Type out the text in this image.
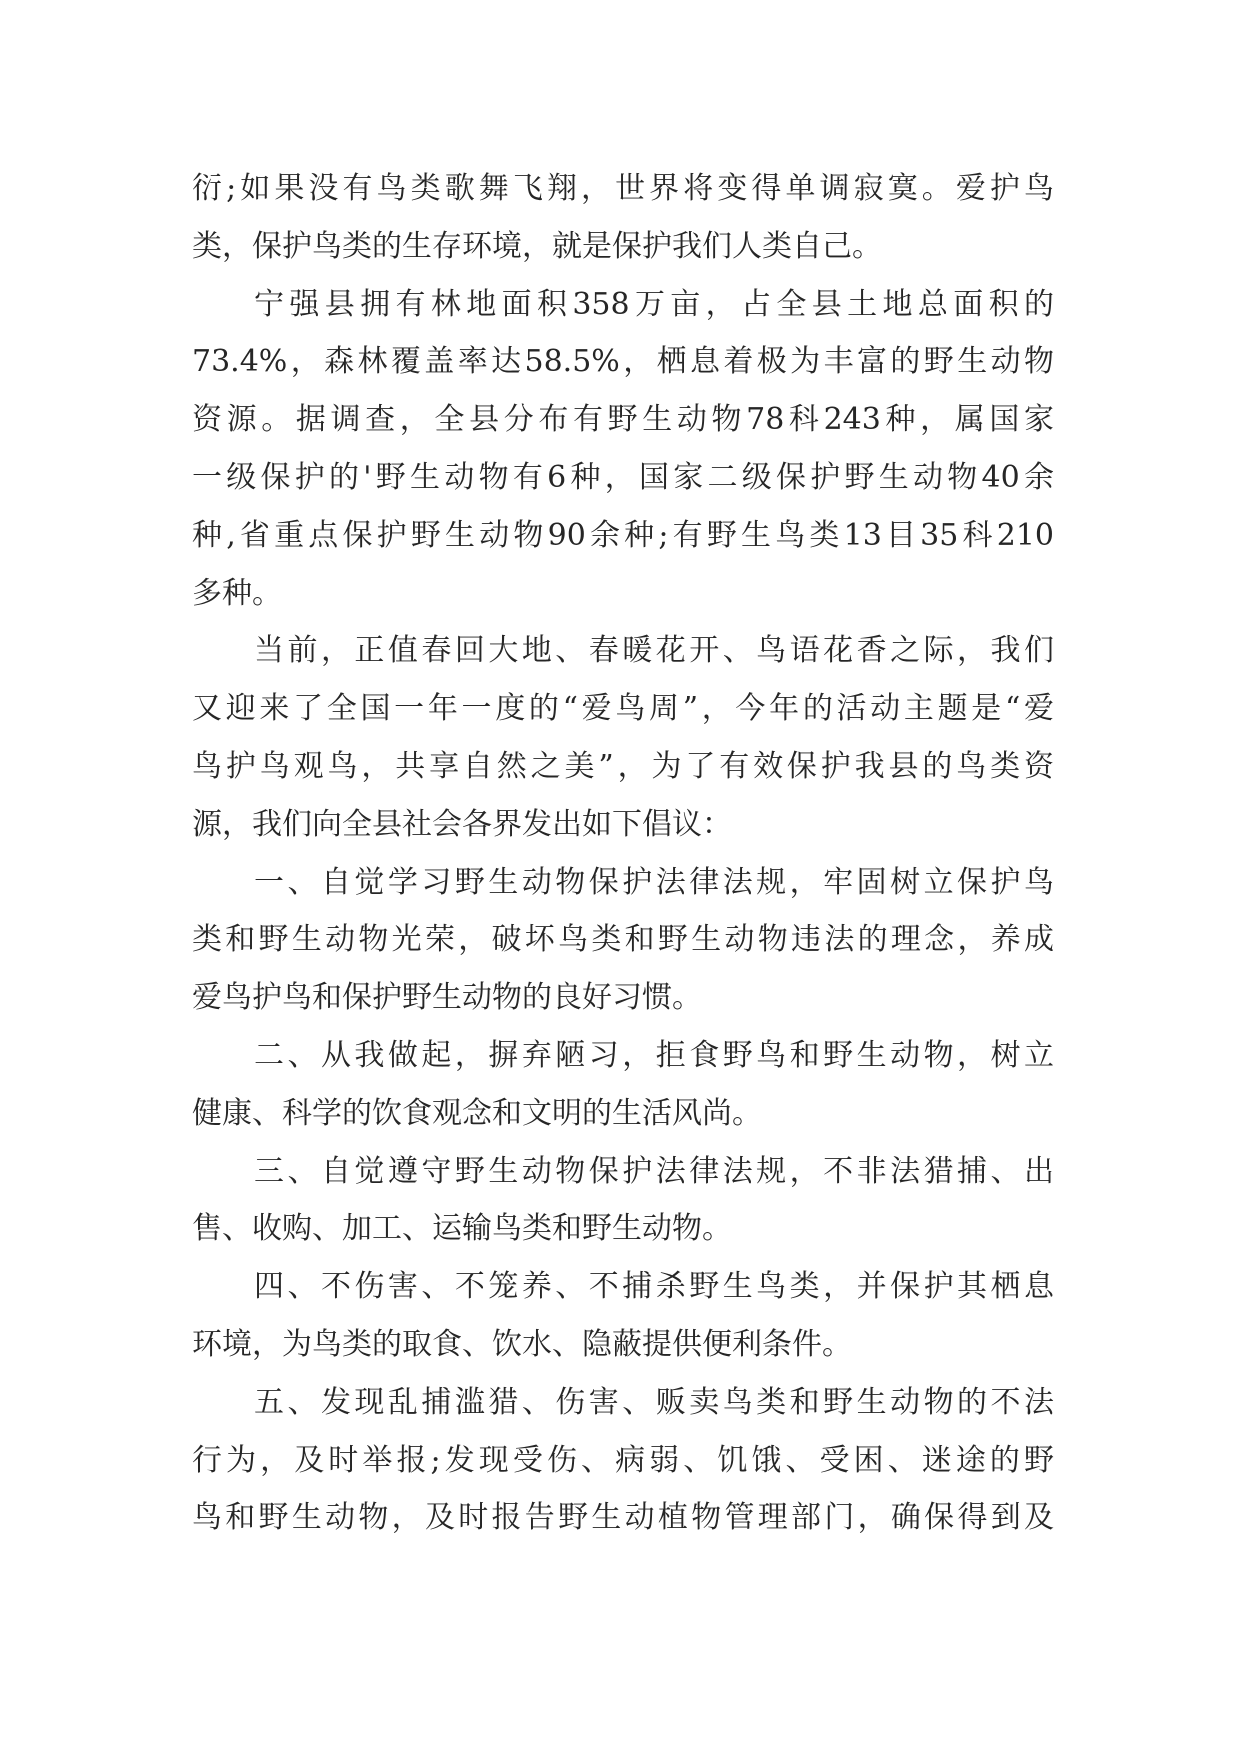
衍;如果没有鸟类歌舞飞翔，世界将变得单调寂寞。爱护鸟
类，保护鸟类的生存环境，就是保护我们人类自己。
宁强县拥有林地面积358万亩，占全县土地总面积的
73.4%，森林覆盖率达58.5%，栖息着极为丰富的野生动物
资源。据调查，全县分布有野生动物78科243种，属国家
一级保护的'野生动物有6种，国家二级保护野生动物40余
种,省重点保护野生动物90余种;有野生鸟类13目35科210
多种。
当前，正值春回大地、春暖花开、鸟语花香之际，我们
又迎来了全国一年一度的“爱鸟周”，今年的活动主题是“爱
鸟护鸟观鸟，共享自然之美”，为了有效保护我县的鸟类资
源，我们向全县社会各界发出如下倡议：
一、自觉学习野生动物保护法律法规，牢固树立保护鸟
类和野生动物光荣，破坏鸟类和野生动物违法的理念，养成
爱鸟护鸟和保护野生动物的良好习惯。
二、从我做起，摒弃陋习，拒食野鸟和野生动物，树立
健康、科学的饮食观念和文明的生活风尚。
三、自觉遵守野生动物保护法律法规，不非法猎捕、出
售、收购、加工、运输鸟类和野生动物。
四、不伤害、不笼养、不捕杀野生鸟类，并保护其栖息
环境，为鸟类的取食、饮水、隐蔽提供便利条件。
五、发现乱捕滥猎、伤害、贩卖鸟类和野生动物的不法
行为，及时举报;发现受伤、病弱、饥饿、受困、迷途的野
鸟和野生动物，及时报告野生动植物管理部门，确保得到及
